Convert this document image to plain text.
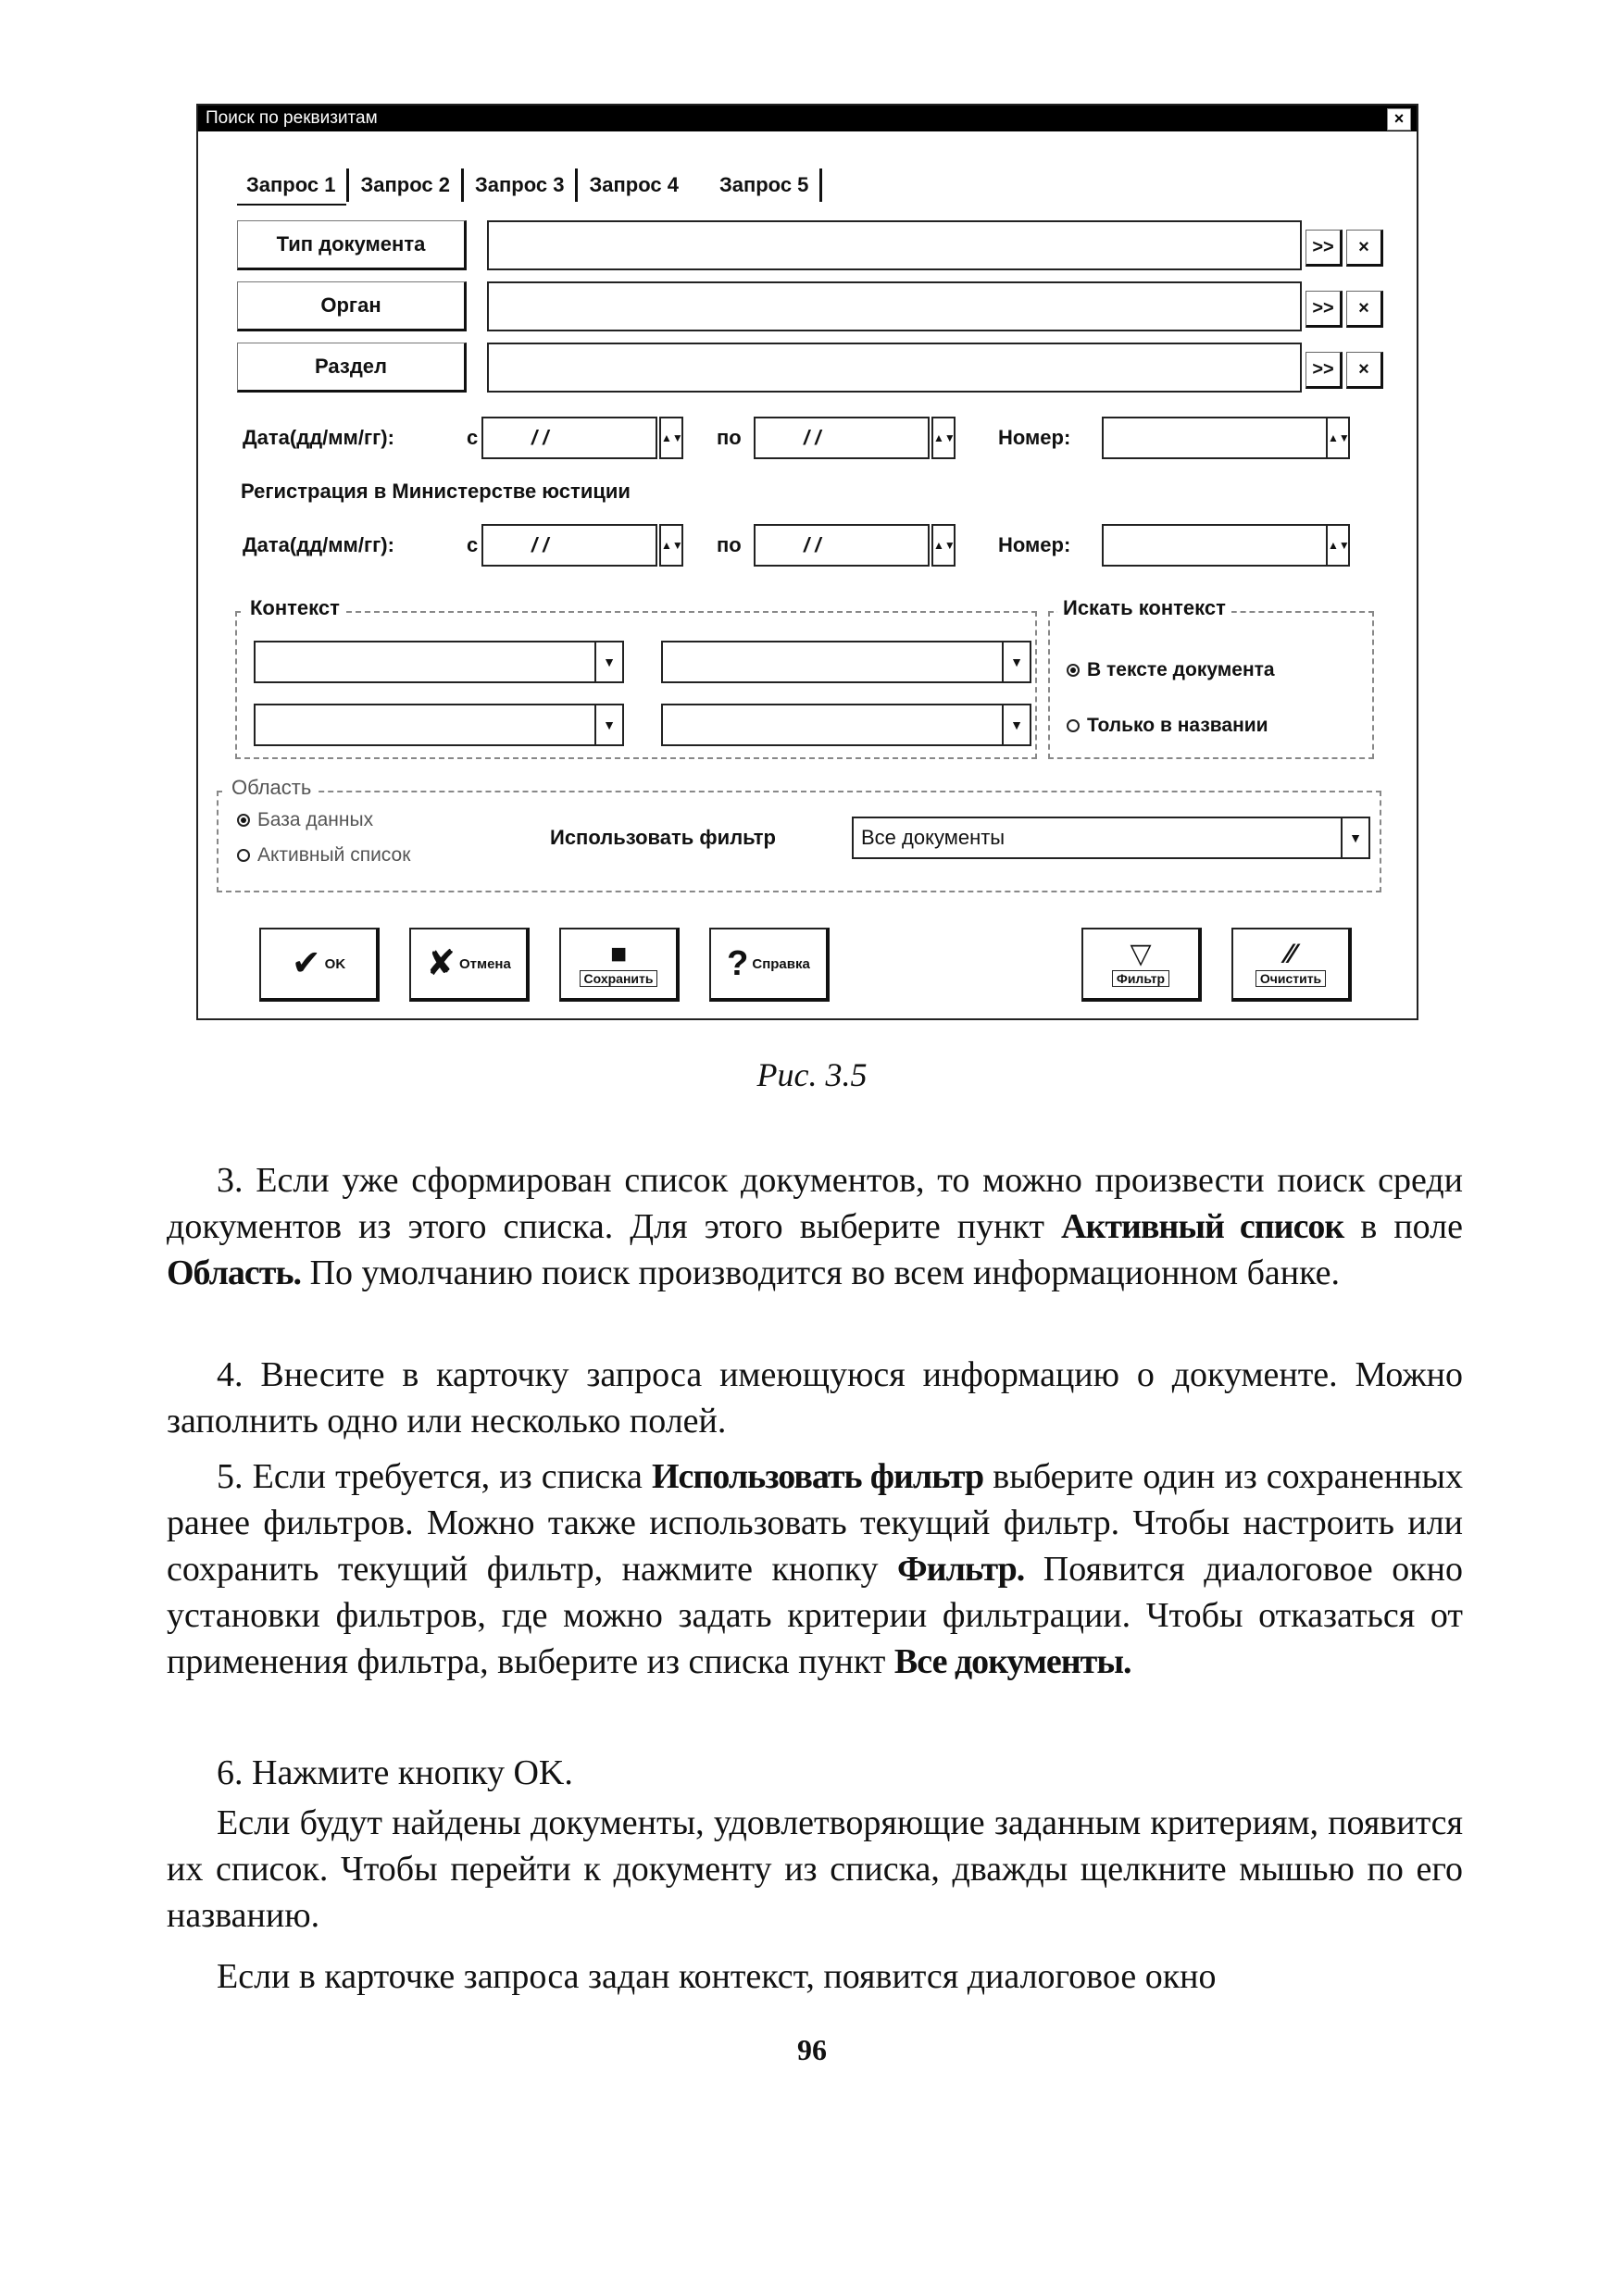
Поиск по реквизитам	×
Запрос 1	Запрос 2	Запрос 3	Запрос 4	Запрос 5
Тип документа	>>	×
Орган	>>	×
Раздел	>>	×
Дата(дд/мм/гг):	с	/ /	▲▼ по	/ /	▲▼ Номер:	▲▼
Регистрация в Министерстве юстиции
Дата(дд/мм/гг):	с	/ /	▲▼ по	/ /	▲▼ Номер:	▲▼
Контекст
▼	▼
▼	▼
Искать контекст
В тексте документа
Только в названии
Область
База данных
Активный список
Использовать фильтр	Все документы	▼
✔ OK ✘ Отмена	■
Сохранить ? Справка	▽
Фильтр
⁄⁄
Очистить
Рис. 3.5

3. Если уже сформирован список документов, то можно произвести поиск среди документов из этого списка. Для этого выберите пункт Активный список в поле Область. По умолчанию поиск производится во всем информационном банке.

4. Внесите в карточку запроса имеющуюся информацию о документе. Можно заполнить одно или несколько полей.

5. Если требуется, из списка Использовать фильтр выберите один из сохраненных ранее фильтров. Можно также использовать текущий фильтр. Чтобы настроить или сохранить текущий фильтр, нажмите кнопку Фильтр. Появится диалоговое окно установки фильтров, где можно задать критерии фильтрации. Чтобы отказаться от применения фильтра, выберите из списка пункт Все документы.

6. Нажмите кнопку OK.

Если будут найдены документы, удовлетворяющие заданным критериям, появится их список. Чтобы перейти к документу из списка, дважды щелкните мышью по его названию.

Если в карточке запроса задан контекст, появится диалоговое окно

96
